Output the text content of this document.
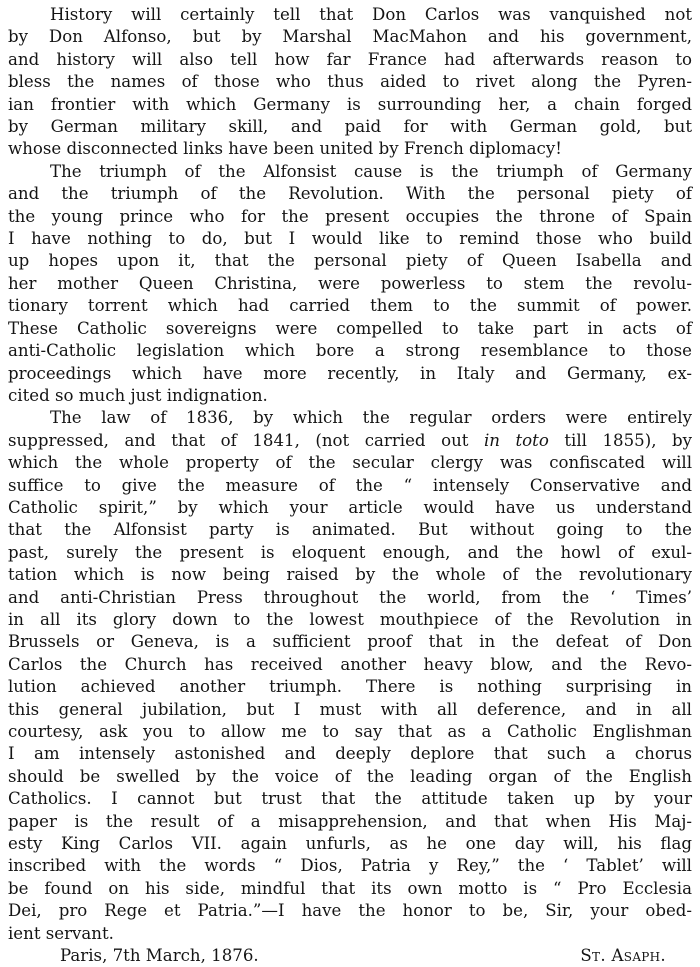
History will certainly tell that Don Carlos was vanquished not
by Don Alfonso, but by Marshal MacMahon and his government,
and history will also tell how far France had afterwards reason to
bless the names of those who thus aided to rivet along the Pyren-
ian frontier with which Germany is surrounding her, a chain forged
by German military skill, and paid for with German gold, but
whose disconnected links have been united by French diplomacy!

The triumph of the Alfonsist cause is the triumph of Germany
and the triumph of the Revolution. With the personal piety of
the young prince who for the present occupies the throne of Spain
I have nothing to do, but I would like to remind those who build
up hopes upon it, that the personal piety of Queen Isabella and
her mother Queen Christina, were powerless to stem the revolu-
tionary torrent which had carried them to the summit of power.
These Catholic sovereigns were compelled to take part in acts of
anti-Catholic legislation which bore a strong resemblance to those
proceedings which have more recently, in Italy and Germany, ex-
cited so much just indignation.

The law of 1836, by which the regular orders were entirely
suppressed, and that of 1841, (not carried out in toto till 1855), by
which the whole property of the secular clergy was confiscated will
suffice to give the measure of the “ intensely Conservative and
Catholic spirit,” by which your article would have us understand
that the Alfonsist party is animated. But without going to the
past, surely the present is eloquent enough, and the howl of exul-
tation which is now being raised by the whole of the revolutionary
and anti-Christian Press throughout the world, from the ‘ Times’
in all its glory down to the lowest mouthpiece of the Revolution in
Brussels or Geneva, is a sufficient proof that in the defeat of Don
Carlos the Church has received another heavy blow, and the Revo-
lution achieved another triumph. There is nothing surprising in
this general jubilation, but I must with all deference, and in all
courtesy, ask you to allow me to say that as a Catholic Englishman
I am intensely astonished and deeply deplore that such a chorus
should be swelled by the voice of the leading organ of the English
Catholics. I cannot but trust that the attitude taken up by your
paper is the result of a misapprehension, and that when His Maj-
esty King Carlos VII. again unfurls, as he one day will, his flag
inscribed with the words “ Dios, Patria y Rey,” the ‘ Tablet’ will
be found on his side, mindful that its own motto is “ Pro Ecclesia
Dei, pro Rege et Patria.”—I have the honor to be, Sir, your obed-
ient servant.

Paris, 7th March, 1876.	St. Asaph.
